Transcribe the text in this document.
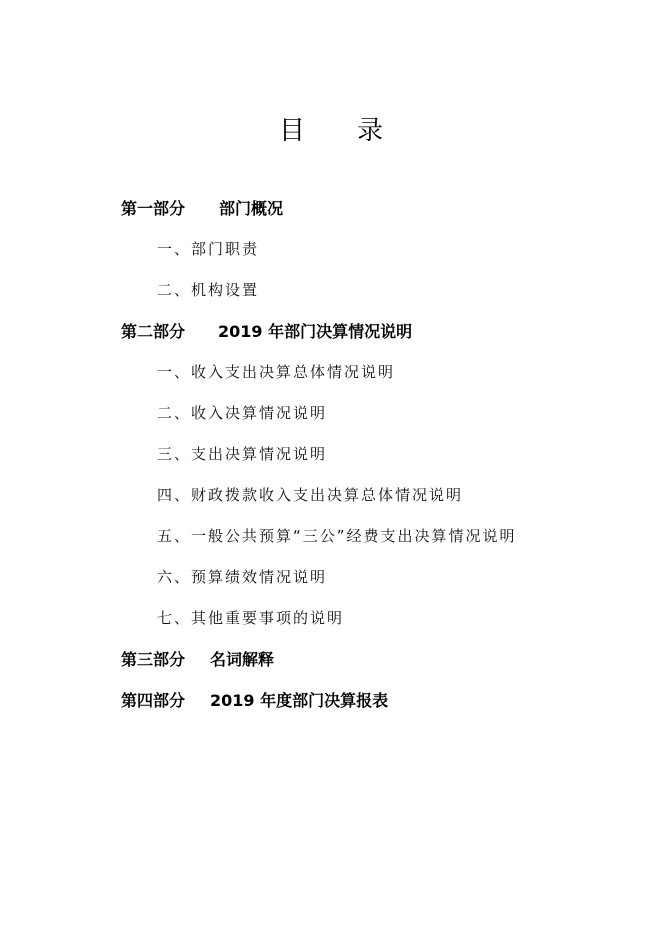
目 录
第一部分 部门概况
一、部门职责
二、机构设置
第二部分 2019 年部门决算情况说明
一、收入支出决算总体情况说明
二、收入决算情况说明
三、支出决算情况说明
四、财政拨款收入支出决算总体情况说明
五、一般公共预算“三公”经费支出决算情况说明
六、预算绩效情况说明
七、其他重要事项的说明
第三部分 名词解释
第四部分 2019 年度部门决算报表
